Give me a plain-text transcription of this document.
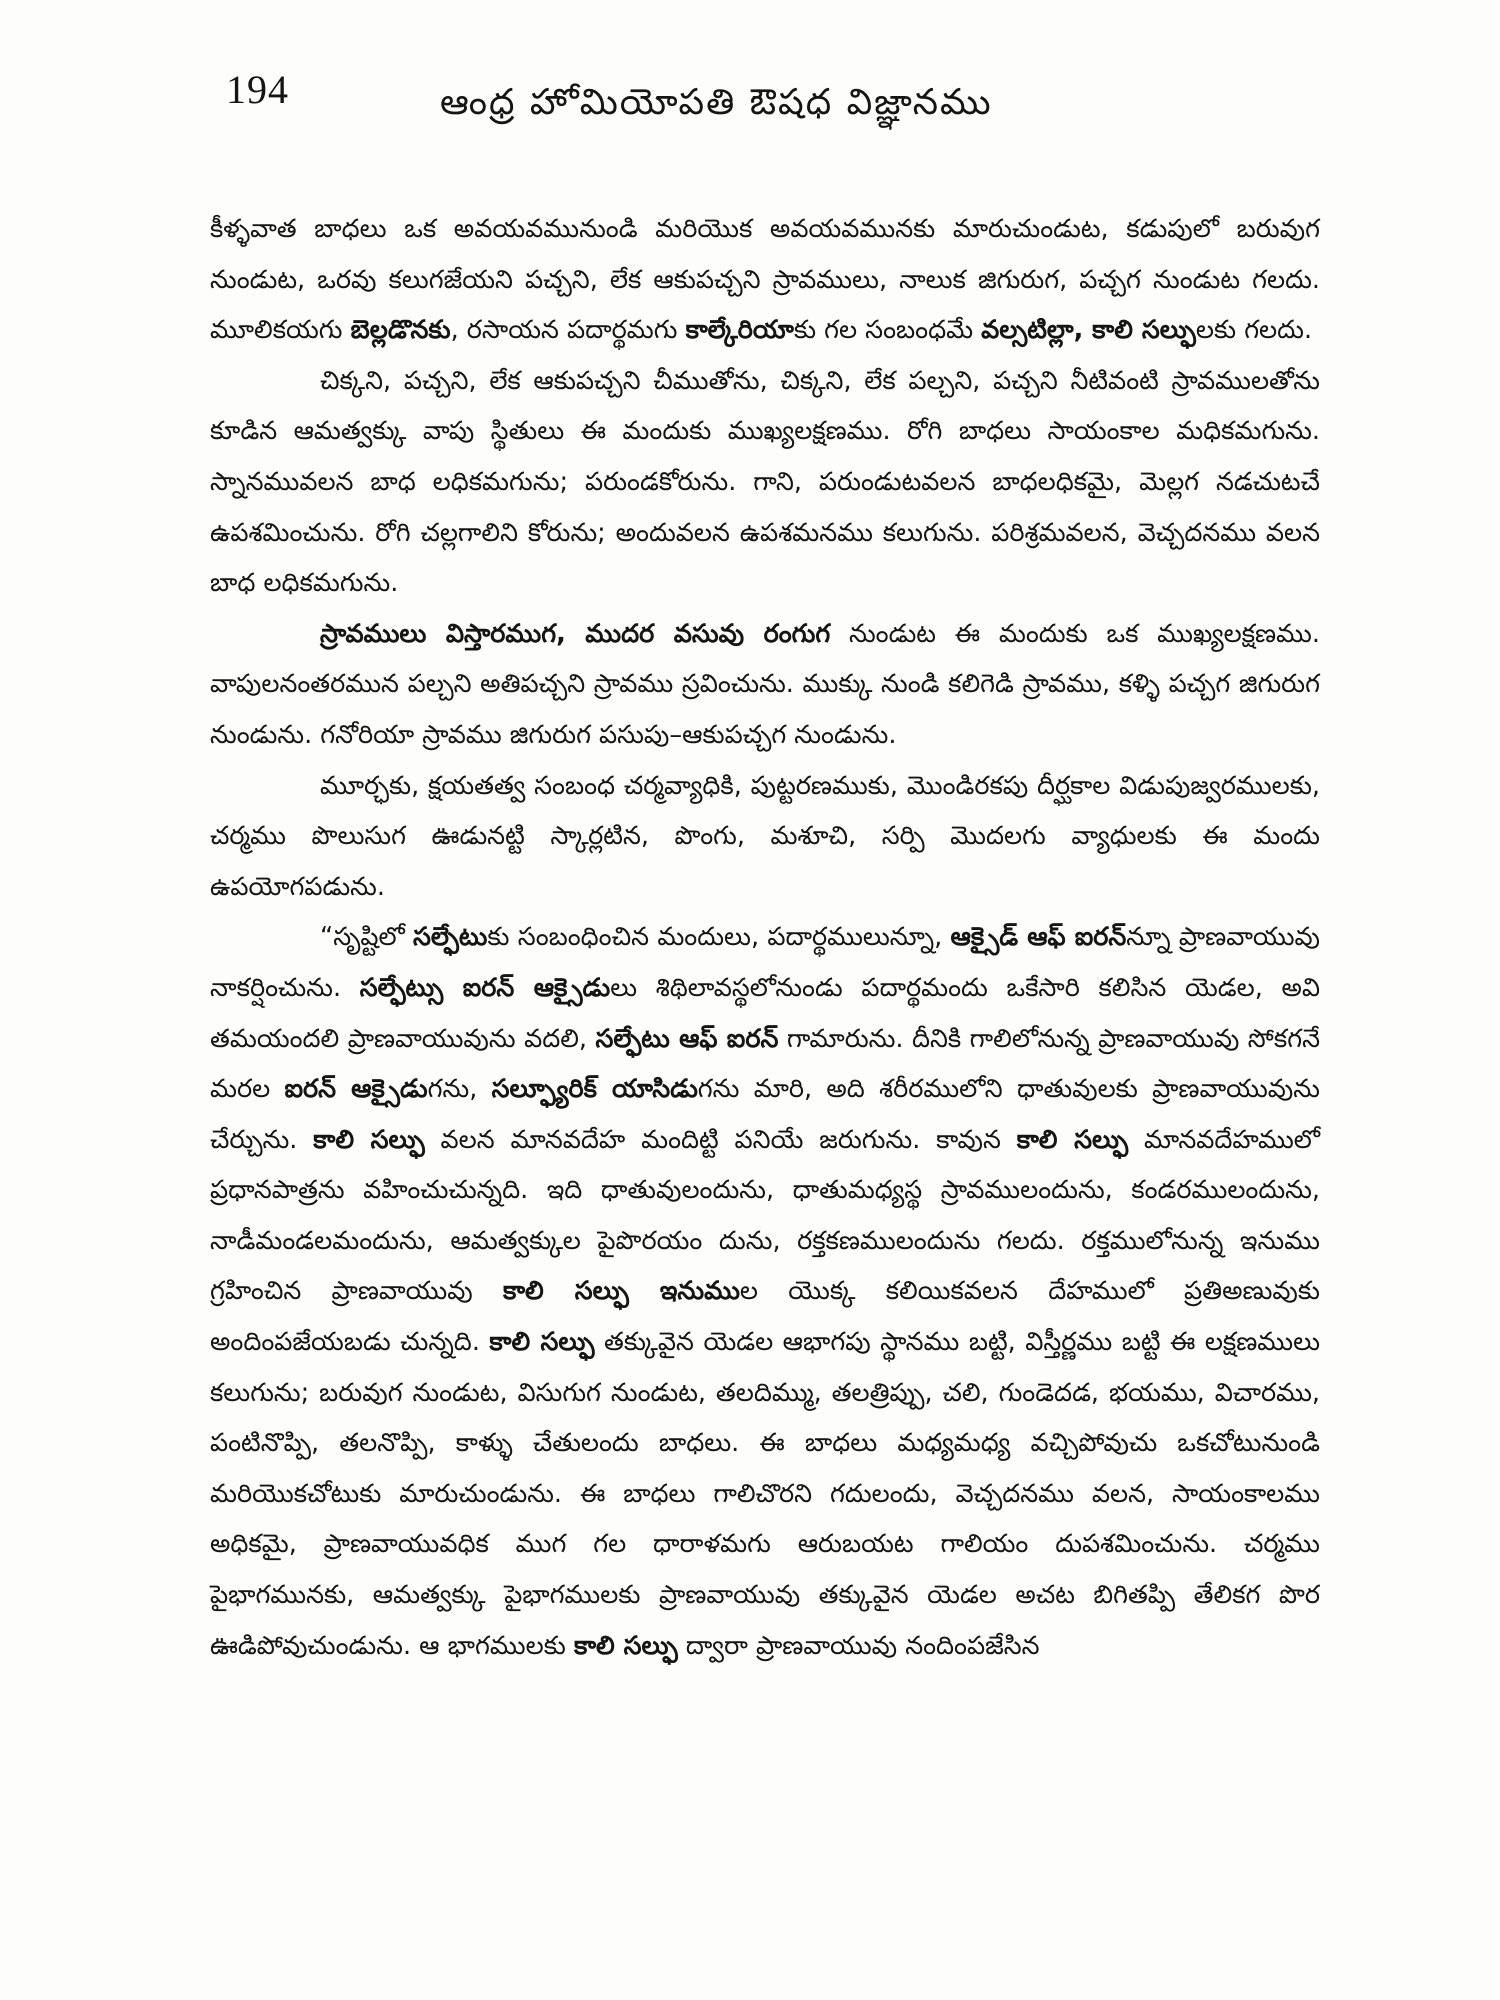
194	ఆంధ్ర హోమియోపతి ఔషధ విజ్ఞానము

కీళ్ళవాత బాధలు ఒక అవయవమునుండి మరియొక అవయవమునకు మారుచుండుట, కడుపులో బరువుగ నుండుట, ఒరవు కలుగజేయని పచ్చని, లేక ఆకుపచ్చని స్రావములు, నాలుక జిగురుగ, పచ్చగ నుండుట గలదు. మూలికయగు బెల్లడొనకు, రసాయన పదార్థమగు కాల్కేరియాకు గల సంబంధమే వల్సటిల్లా, కాలి సల్ఫులకు గలదు.

చిక్కని, పచ్చని, లేక ఆకుపచ్చని చీముతోను, చిక్కని, లేక పల్చని, పచ్చని నీటివంటి స్రావములతోను కూడిన ఆమత్వక్కు వాపు స్థితులు ఈ మందుకు ముఖ్యలక్షణము. రోగి బాధలు సాయంకాల మధికమగును. స్నానమువలన బాధ లధికమగును; పరుండకోరును. గాని, పరుండుటవలన బాధలధికమై, మెల్లగ నడచుటచే ఉపశమించును. రోగి చల్లగాలిని కోరును; అందువలన ఉపశమనము కలుగును. పరిశ్రమవలన, వెచ్చదనము వలన బాధ లధికమగును.

స్రావములు విస్తారముగ, ముదర వసువు రంగుగ నుండుట ఈ మందుకు ఒక ముఖ్యలక్షణము. వాపులనంతరమున పల్చని అతిపచ్చని స్రావము స్రవించును. ముక్కు నుండి కలిగెడి స్రావము, కళ్ళి పచ్చగ జిగురుగ నుండును. గనోరియా స్రావము జిగురుగ పసుపు–ఆకుపచ్చగ నుండును.

మూర్ఛకు, క్షయతత్వ సంబంధ చర్మవ్యాధికి, పుట్టరణముకు, మొండిరకపు దీర్ఘకాల విడుపుజ్వరములకు, చర్మము పొలుసుగ ఊడునట్టి స్కార్లటిన, పొంగు, మశూచి, సర్పి మొదలగు వ్యాధులకు ఈ మందు ఉపయోగపడును.

“సృష్టిలో సల్ఫేటుకు సంబంధించిన మందులు, పదార్థములున్నూ, ఆక్సైడ్ ఆఫ్ ఐరన్న్నూ ప్రాణవాయువు నాకర్షించును. సల్ఫేట్సు ఐరన్ ఆక్సైడులు శిథిలావస్థలోనుండు పదార్థమందు ఒకేసారి కలిసిన యెడల, అవి తమయందలి ప్రాణవాయువును వదలి, సల్ఫేటు ఆఫ్ ఐరన్ గామారును. దీనికి గాలిలోనున్న ప్రాణవాయువు సోకగనే మరల ఐరన్ ఆక్సైడుగను, సల్ఫ్యూరిక్ యాసిడుగను మారి, అది శరీరములోని ధాతువులకు ప్రాణవాయువును చేర్చును. కాలి సల్ఫు వలన మానవదేహ మందిట్టి పనియే జరుగును. కావున కాలి సల్ఫు మానవదేహములో ప్రధానపాత్రను వహించుచున్నది. ఇది ధాతువులందును, ధాతుమధ్యస్థ స్రావములందును, కండరములందును, నాడీమండలమందును, ఆమత్వక్కుల పైపొరయం దును, రక్తకణములందును గలదు. రక్తములోనున్న ఇనుము గ్రహించిన ప్రాణవాయువు కాలి సల్ఫు ఇనుముల యొక్క కలియికవలన దేహములో ప్రతిఅణువుకు అందింపజేయబడు చున్నది. కాలి సల్ఫు తక్కువైన యెడల ఆభాగపు స్థానము బట్టి, విస్తీర్ణము బట్టి ఈ లక్షణములు కలుగును; బరువుగ నుండుట, విసుగుగ నుండుట, తలదిమ్ము, తలత్రిప్పు, చలి, గుండెదడ, భయము, విచారము, పంటినొప్పి, తలనొప్పి, కాళ్ళు చేతులందు బాధలు. ఈ బాధలు మధ్యమధ్య వచ్చిపోవుచు ఒకచోటునుండి మరియొకచోటుకు మారుచుండును. ఈ బాధలు గాలిచొరని గదులందు, వెచ్చదనము వలన, సాయంకాలము అధికమై, ప్రాణవాయువధిక ముగ గల ధారాళమగు ఆరుబయట గాలియం దుపశమించును. చర్మము పైభాగమునకు, ఆమత్వక్కు పైభాగములకు ప్రాణవాయువు తక్కువైన యెడల అచట బిగితప్పి తేలికగ పొర ఊడిపోవుచుండును. ఆ భాగములకు కాలి సల్ఫు ద్వారా ప్రాణవాయువు నందింపజేసిన
